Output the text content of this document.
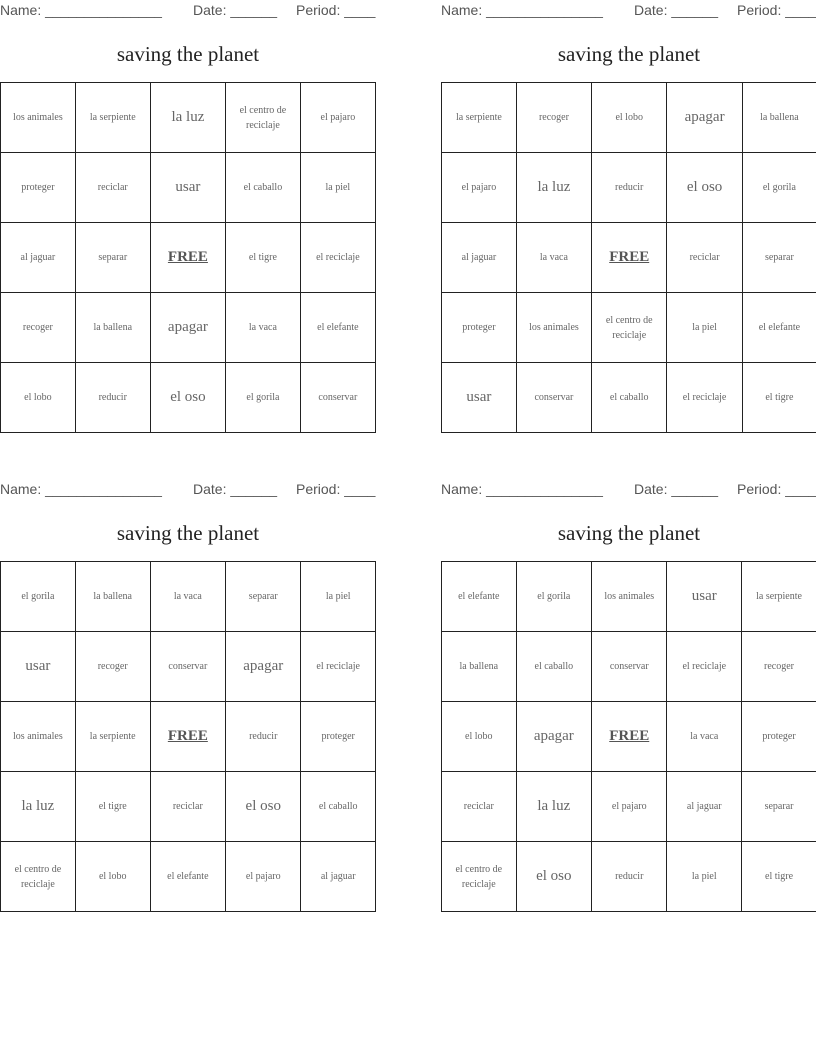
Name: _______________ Date: ______ Period: ____
saving the planet
los animales	la serpiente	la luz	el centro de reciclaje	el pajaro
proteger	reciclar	usar	el caballo	la piel
al jaguar	separar	FREE	el tigre	el reciclaje
recoger	la ballena	apagar	la vaca	el elefante
el lobo	reducir	el oso	el gorila	conservar
Name: _______________ Date: ______ Period: ____
saving the planet
la serpiente	recoger	el lobo	apagar	la ballena
el pajaro	la luz	reducir	el oso	el gorila
al jaguar	la vaca	FREE	reciclar	separar
proteger	los animales	el centro de reciclaje	la piel	el elefante
usar	conservar	el caballo	el reciclaje	el tigre
Name: _______________ Date: ______ Period: ____
saving the planet
el gorila	la ballena	la vaca	separar	la piel
usar	recoger	conservar	apagar	el reciclaje
los animales	la serpiente	FREE	reducir	proteger
la luz	el tigre	reciclar	el oso	el caballo
el centro de reciclaje	el lobo	el elefante	el pajaro	al jaguar
Name: _______________ Date: ______ Period: ____
saving the planet
el elefante	el gorila	los animales	usar	la serpiente
la ballena	el caballo	conservar	el reciclaje	recoger
el lobo	apagar	FREE	la vaca	proteger
reciclar	la luz	el pajaro	al jaguar	separar
el centro de reciclaje	el oso	reducir	la piel	el tigre
